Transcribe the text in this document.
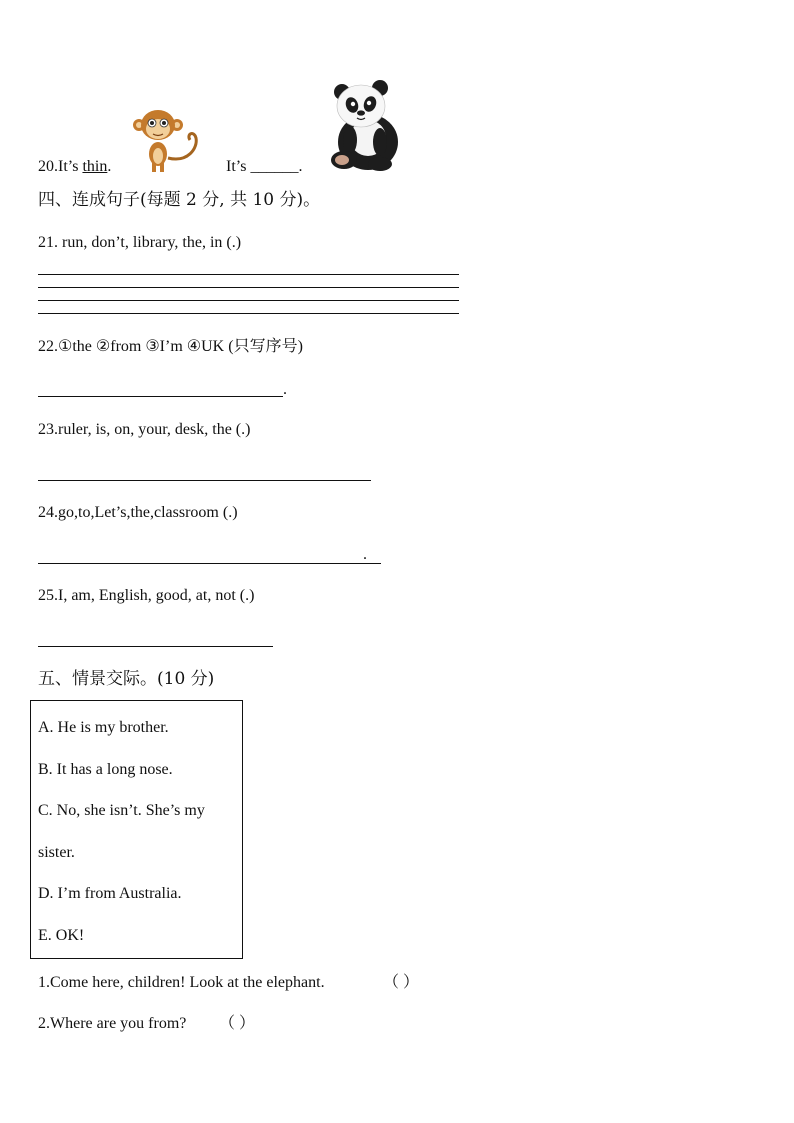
20.It’s thin.	It’s ______.
四、连成句子(每题 2 分, 共 10 分)。
21. run, don’t, library, the, in (.)
22.①the ②from ③I’m ④UK (只写序号)
.
23.ruler, is, on, your, desk, the (.)
24.go,to,Let’s,the,classroom (.)
.
25.I, am, English, good, at, not (.)
五、情景交际。(10 分)
A. He is my brother.
B. It has a long nose.
C. No, she isn’t. She’s my
sister.
D. I’m from Australia.
E. OK!
1.Come here, children! Look at the elephant.	（ ）
2.Where are you from? （ ）
